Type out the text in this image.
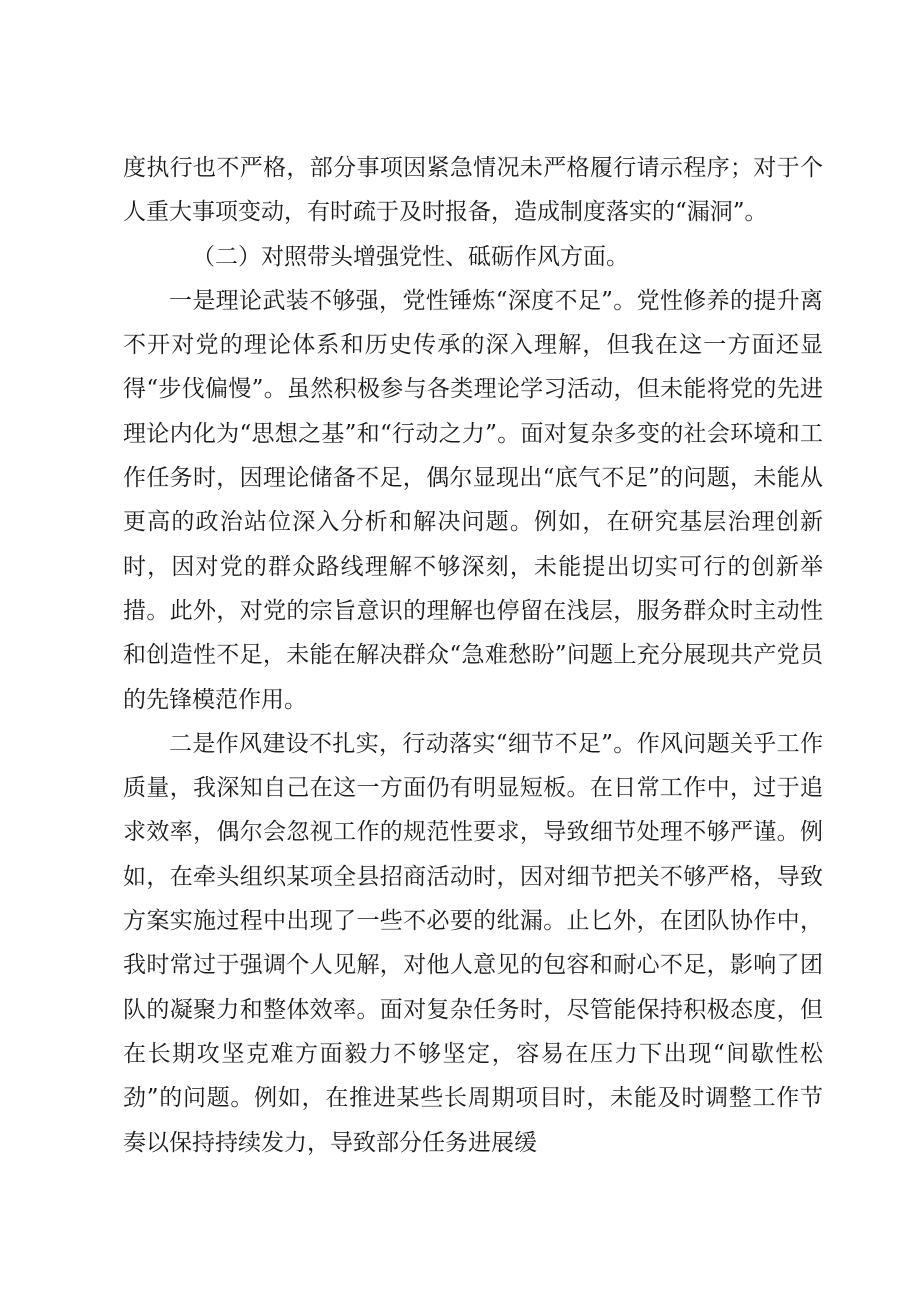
度执行也不严格，部分事项因紧急情况未严格履行请示程序；对于个人重大事项变动，有时疏于及时报备，造成制度落实的“漏洞”。

（二）对照带头增强党性、砥砺作风方面。

一是理论武装不够强，党性锤炼“深度不足”。党性修养的提升离不开对党的理论体系和历史传承的深入理解，但我在这一方面还显得“步伐偏慢”。虽然积极参与各类理论学习活动，但未能将党的先进理论内化为“思想之基”和“行动之力”。面对复杂多变的社会环境和工作任务时，因理论储备不足，偶尔显现出“底气不足”的问题，未能从更高的政治站位深入分析和解决问题。例如，在研究基层治理创新时，因对党的群众路线理解不够深刻，未能提出切实可行的创新举措。此外，对党的宗旨意识的理解也停留在浅层，服务群众时主动性和创造性不足，未能在解决群众“急难愁盼”问题上充分展现共产党员的先锋模范作用。

二是作风建设不扎实，行动落实“细节不足”。作风问题关乎工作质量，我深知自己在这一方面仍有明显短板。在日常工作中，过于追求效率，偶尔会忽视工作的规范性要求，导致细节处理不够严谨。例如，在牵头组织某项全县招商活动时，因对细节把关不够严格，导致方案实施过程中出现了一些不必要的纰漏。止匕外，在团队协作中，我时常过于强调个人见解，对他人意见的包容和耐心不足，影响了团队的凝聚力和整体效率。面对复杂任务时，尽管能保持积极态度，但在长期攻坚克难方面毅力不够坚定，容易在压力下出现“间歇性松劲”的问题。例如，在推进某些长周期项目时，未能及时调整工作节奏以保持持续发力，导致部分任务进展缓
